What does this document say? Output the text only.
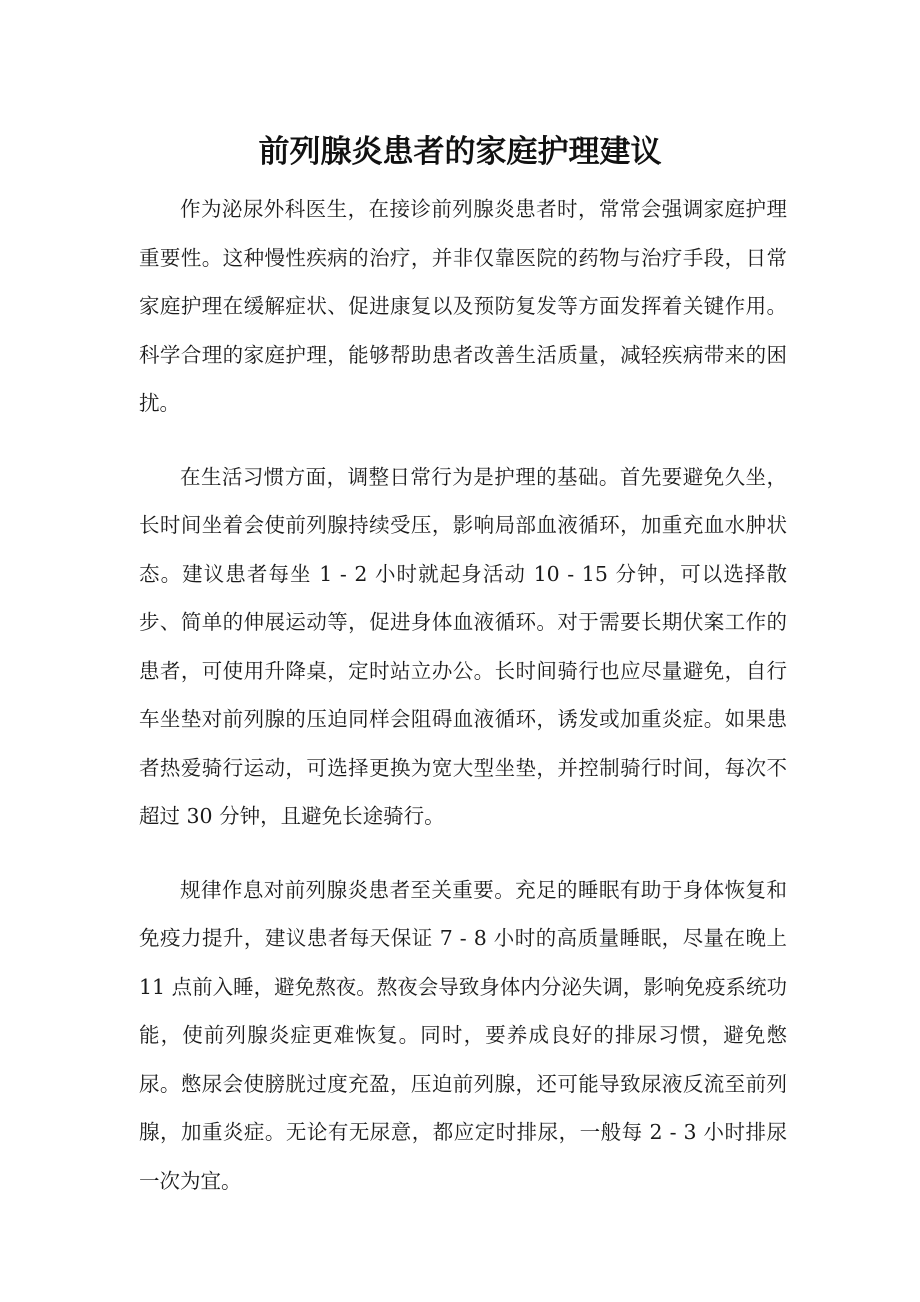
前列腺炎患者的家庭护理建议

作为泌尿外科医生，在接诊前列腺炎患者时，常常会强调家庭护理重要性。这种慢性疾病的治疗，并非仅靠医院的药物与治疗手段，日常家庭护理在缓解症状、促进康复以及预防复发等方面发挥着关键作用。科学合理的家庭护理，能够帮助患者改善生活质量，减轻疾病带来的困扰。

在生活习惯方面，调整日常行为是护理的基础。首先要避免久坐，长时间坐着会使前列腺持续受压，影响局部血液循环，加重充血水肿状态。建议患者每坐 1 - 2 小时就起身活动 10 - 15 分钟，可以选择散步、简单的伸展运动等，促进身体血液循环。对于需要长期伏案工作的患者，可使用升降桌，定时站立办公。长时间骑行也应尽量避免，自行车坐垫对前列腺的压迫同样会阻碍血液循环，诱发或加重炎症。如果患者热爱骑行运动，可选择更换为宽大型坐垫，并控制骑行时间，每次不超过 30 分钟，且避免长途骑行。

规律作息对前列腺炎患者至关重要。充足的睡眠有助于身体恢复和免疫力提升，建议患者每天保证 7 - 8 小时的高质量睡眠，尽量在晚上 11 点前入睡，避免熬夜。熬夜会导致身体内分泌失调，影响免疫系统功能，使前列腺炎症更难恢复。同时，要养成良好的排尿习惯，避免憋尿。憋尿会使膀胱过度充盈，压迫前列腺，还可能导致尿液反流至前列腺，加重炎症。无论有无尿意，都应定时排尿，一般每 2 - 3 小时排尿一次为宜。
